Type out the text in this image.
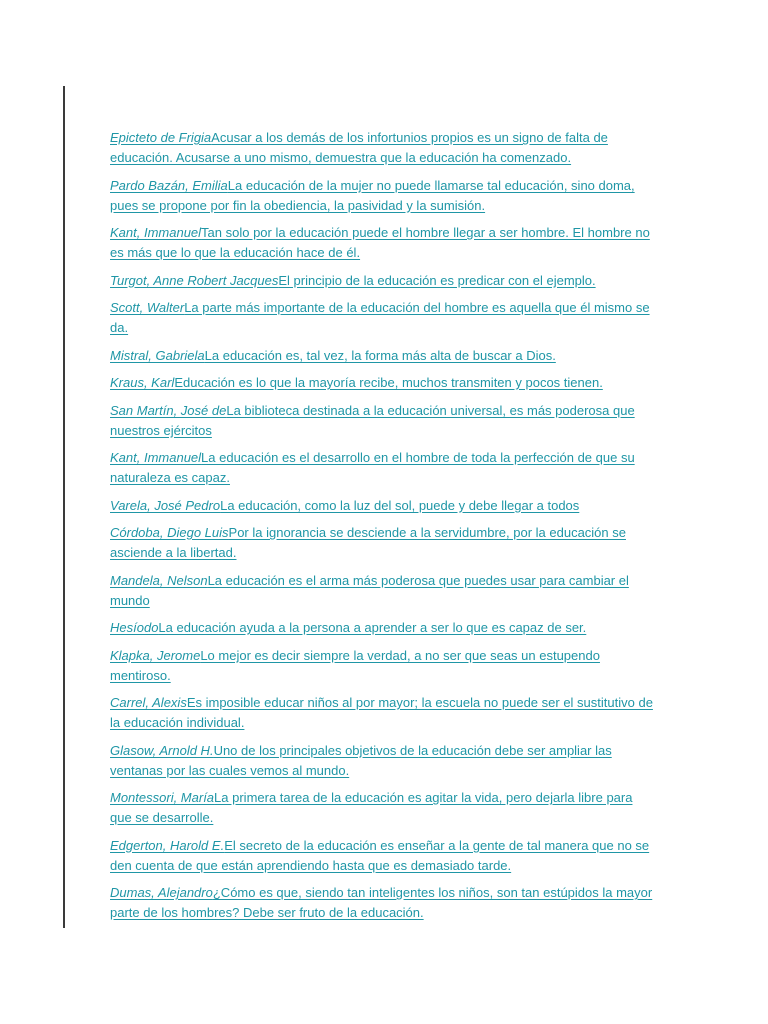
Epicteto de FrigiaAcusar a los demás de los infortunios propios es un signo de falta de educación. Acusarse a uno mismo, demuestra que la educación ha comenzado.
Pardo Bazán, EmiliaLa educación de la mujer no puede llamarse tal educación, sino doma, pues se propone por fin la obediencia, la pasividad y la sumisión.
Kant, ImmanuelTan solo por la educación puede el hombre llegar a ser hombre. El hombre no es más que lo que la educación hace de él.
Turgot, Anne Robert JacquesEl principio de la educación es predicar con el ejemplo.
Scott, WalterLa parte más importante de la educación del hombre es aquella que él mismo se da.
Mistral, GabrielaLa educación es, tal vez, la forma más alta de buscar a Dios.
Kraus, KarlEducación es lo que la mayoría recibe, muchos transmiten y pocos tienen.
San Martín, José deLa biblioteca destinada a la educación universal, es más poderosa que nuestros ejércitos
Kant, ImmanuelLa educación es el desarrollo en el hombre de toda la perfección de que su naturaleza es capaz.
Varela, José PedroLa educación, como la luz del sol, puede y debe llegar a todos
Córdoba, Diego LuisPor la ignorancia se desciende a la servidumbre, por la educación se asciende a la libertad.
Mandela, NelsonLa educación es el arma más poderosa que puedes usar para cambiar el mundo
HesíodoLa educación ayuda a la persona a aprender a ser lo que es capaz de ser.
Klapka, JeromeLo mejor es decir siempre la verdad, a no ser que seas un estupendo mentiroso.
Carrel, AlexisEs imposible educar niños al por mayor; la escuela no puede ser el sustitutivo de la educación individual.
Glasow, Arnold H.Uno de los principales objetivos de la educación debe ser ampliar las ventanas por las cuales vemos al mundo.
Montessori, MaríaLa primera tarea de la educación es agitar la vida, pero dejarla libre para que se desarrolle.
Edgerton, Harold E.El secreto de la educación es enseñar a la gente de tal manera que no se den cuenta de que están aprendiendo hasta que es demasiado tarde.
Dumas, Alejandro¿Cómo es que, siendo tan inteligentes los niños, son tan estúpidos la mayor parte de los hombres? Debe ser fruto de la educación.
